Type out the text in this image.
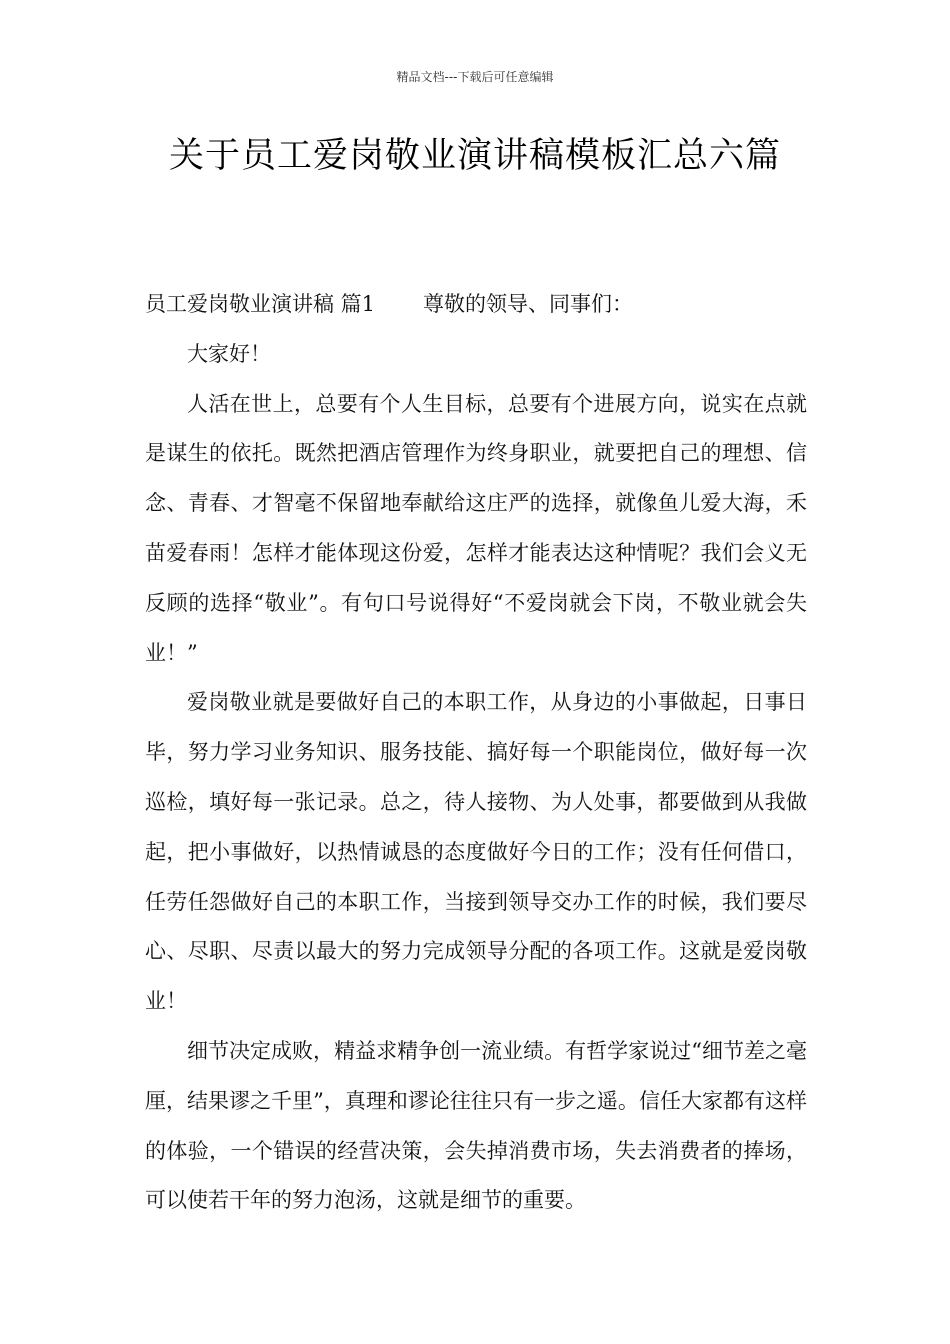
精品文档---下载后可任意编辑
关于员工爱岗敬业演讲稿模板汇总六篇
员工爱岗敬业演讲稿 篇1 尊敬的领导、同事们：

大家好！

人活在世上，总要有个人生目标，总要有个进展方向，说实在点就是谋生的依托。既然把酒店管理作为终身职业，就要把自己的理想、信念、青春、才智毫不保留地奉献给这庄严的选择，就像鱼儿爱大海，禾苗爱春雨！怎样才能体现这份爱，怎样才能表达这种情呢？我们会义无反顾的选择“敬业”。有句口号说得好“不爱岗就会下岗，不敬业就会失业！”

爱岗敬业就是要做好自己的本职工作，从身边的小事做起，日事日毕，努力学习业务知识、服务技能、搞好每一个职能岗位，做好每一次巡检，填好每一张记录。总之，待人接物、为人处事，都要做到从我做起，把小事做好，以热情诚恳的态度做好今日的工作；没有任何借口，任劳任怨做好自己的本职工作，当接到领导交办工作的时候，我们要尽心、尽职、尽责以最大的努力完成领导分配的各项工作。这就是爱岗敬业！

细节决定成败，精益求精争创一流业绩。有哲学家说过“细节差之毫厘，结果谬之千里”，真理和谬论往往只有一步之遥。信任大家都有这样的体验，一个错误的经营决策，会失掉消费市场，失去消费者的捧场，可以使若干年的努力泡汤，这就是细节的重要。
